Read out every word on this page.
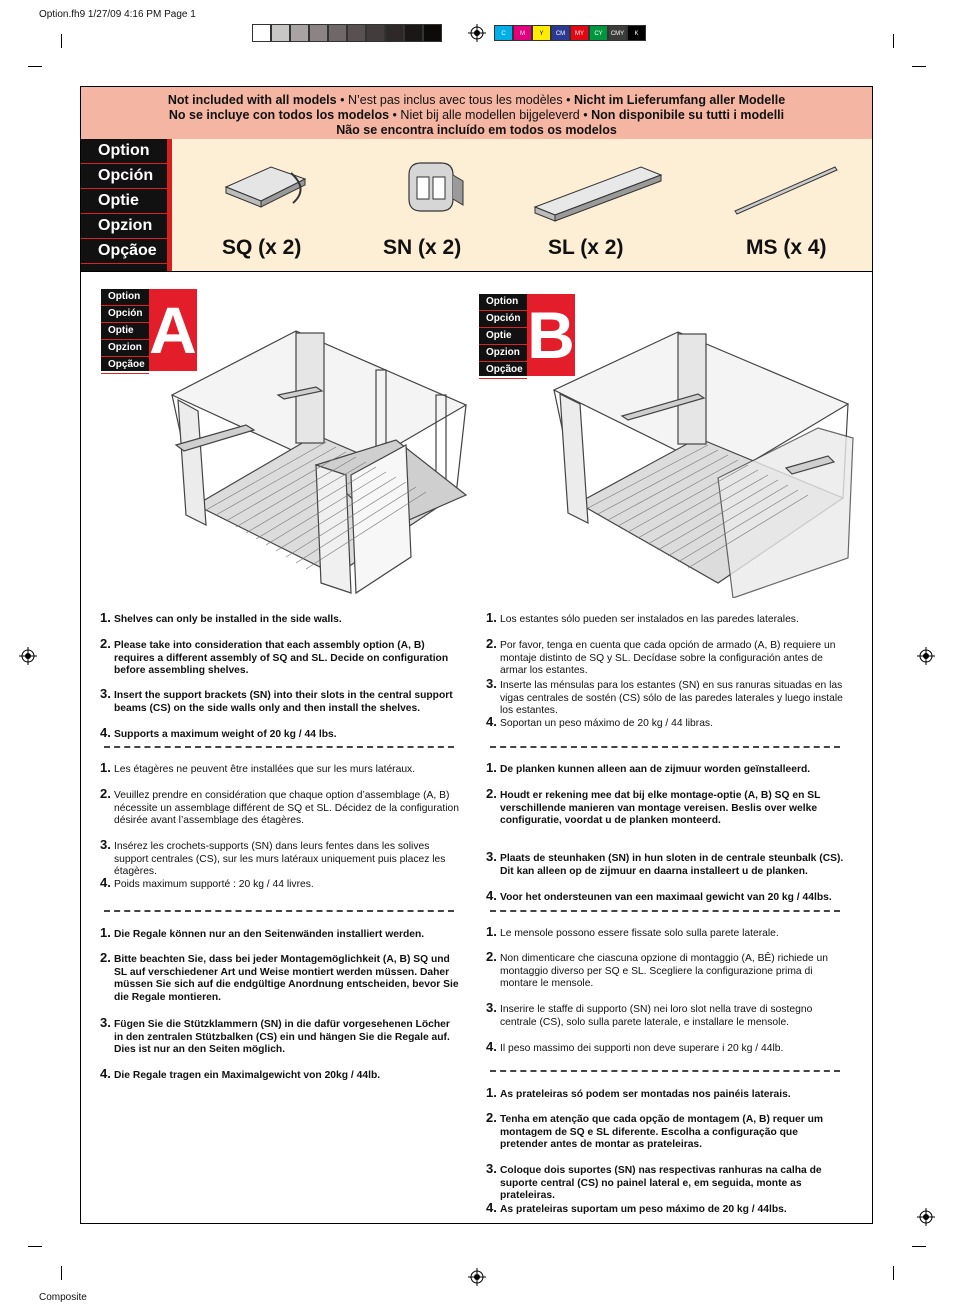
Option.fh9 1/27/09 4:16 PM Page 1
Composite
C	M	Y	CM	MY	CY	CMY	K
Not included with all models • N’est pas inclus avec tous les modèles • Nicht im Lieferumfang aller Modelle
No se incluye con todos los modelos • Niet bij alle modellen bijgeleverd • Non disponibile su tutti i modelli
Não se encontra incluído em todos os modelos
Option
Opción
Optie
Opzion
Opçãoe	SQ (x 2)	SN (x 2)	SL (x 2)	MS (x 4)
Option
Opción
Optie
Opzion
Opçãoe A	Option
Opción
Optie
Opzion
Opçãoe B
1. Shelves can only be installed in the side walls.
2. Please take into consideration that each assembly option (A, B) requires a different assembly of SQ and SL. Decide on configuration before assembling shelves.
3. Insert the support brackets (SN) into their slots in the central support beams (CS) on the side walls only and then install the shelves.
4. Supports a maximum weight of 20 kg / 44 lbs.
1. Les étagères ne peuvent être installées que sur les murs latéraux.
2. Veuillez prendre en considération que chaque option d’assemblage (A, B) nécessite un assemblage différent de SQ et SL. Décidez de la configuration désirée avant l’assemblage des étagères.
3. Insérez les crochets-supports (SN) dans leurs fentes dans les solives support centrales (CS), sur les murs latéraux uniquement puis placez les étagères.
4. Poids maximum supporté : 20 kg / 44 livres.
1. Die Regale können nur an den Seitenwänden installiert werden.
2. Bitte beachten Sie, dass bei jeder Montagemöglichkeit (A, B) SQ und SL auf verschiedener Art und Weise montiert werden müssen. Daher müssen Sie sich auf die endgültige Anordnung entscheiden, bevor Sie die Regale montieren.
3. Fügen Sie die Stützklammern (SN) in die dafür vorgesehenen Löcher in den zentralen Stützbalken (CS) ein und hängen Sie die Regale auf. Dies ist nur an den Seiten möglich.
4. Die Regale tragen ein Maximalgewicht von 20kg / 44lb.
1. Los estantes sólo pueden ser instalados en las paredes laterales.
2. Por favor, tenga en cuenta que cada opción de armado (A, B) requiere un montaje distinto de SQ y SL. Decídase sobre la configuración antes de armar los estantes.
3. Inserte las ménsulas para los estantes (SN) en sus ranuras situadas en las vigas centrales de sostén (CS) sólo de las paredes laterales y luego instale los estantes.
4. Soportan un peso máximo de 20 kg / 44 libras.
1. De planken kunnen alleen aan de zijmuur worden geïnstalleerd.
2. Houdt er rekening mee dat bij elke montage-optie (A, B) SQ en SL verschillende manieren van montage vereisen. Beslis over welke configuratie, voordat u de planken monteerd.
3. Plaats de steunhaken (SN) in hun sloten in de centrale steunbalk (CS). Dit kan alleen op de zijmuur en daarna installeert u de planken.
4. Voor het ondersteunen van een maximaal gewicht van 20 kg / 44lbs.
1. Le mensole possono essere fissate solo sulla parete laterale.
2. Non dimenticare che ciascuna opzione di montaggio (A, BÊ) richiede un montaggio diverso per SQ e SL. Scegliere la configurazione prima di montare le mensole.
3. Inserire le staffe di supporto (SN) nei loro slot nella trave di sostegno centrale (CS), solo sulla parete laterale, e installare le mensole.
4. Il peso massimo dei supporti non deve superare i 20 kg / 44lb.
1. As prateleiras só podem ser montadas nos painéis laterais.
2. Tenha em atenção que cada opção de montagem (A, B) requer um montagem de SQ e SL diferente. Escolha a configuração que pretender antes de montar as prateleiras.
3. Coloque dois suportes (SN) nas respectivas ranhuras na calha de suporte central (CS) no painel lateral e, em seguida, monte as prateleiras.
4. As prateleiras suportam um peso máximo de 20 kg / 44lbs.
